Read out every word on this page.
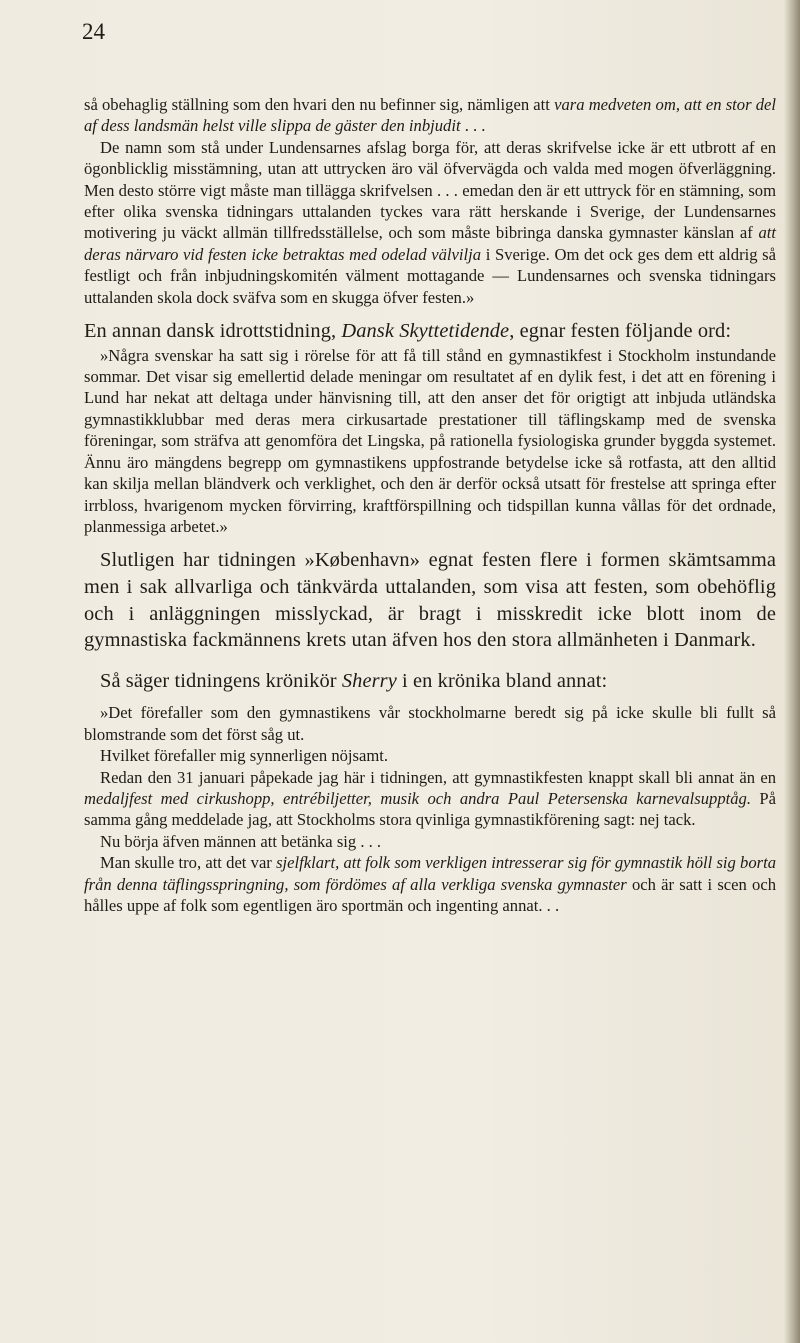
24

så obehaglig ställning som den hvari den nu befinner sig, nämligen att vara medveten om, att en stor del af dess landsmän helst ville slippa de gäster den inbjudit . . .

De namn som stå under Lundensarnes afslag borga för, att deras skrifvelse icke är ett utbrott af en ögonblicklig misstämning, utan att uttrycken äro väl öfvervägda och valda med mogen öfverläggning. Men desto större vigt måste man tillägga skrifvelsen . . . emedan den är ett uttryck för en stämning, som efter olika svenska tidningars uttalanden tyckes vara rätt herskande i Sverige, der Lundensarnes motivering ju väckt allmän tillfredsställelse, och som måste bibringa danska gymnaster känslan af att deras närvaro vid festen icke betraktas med odelad välvilja i Sverige. Om det ock ges dem ett aldrig så festligt och från inbjudningskomitén välment mottagande — Lundensarnes och svenska tidningars uttalanden skola dock sväfva som en skugga öfver festen.»

En annan dansk idrottstidning, Dansk Skyttetidende, egnar festen följande ord:

»Några svenskar ha satt sig i rörelse för att få till stånd en gymnastikfest i Stockholm instundande sommar. Det visar sig emellertid delade meningar om resultatet af en dylik fest, i det att en förening i Lund har nekat att deltaga under hänvisning till, att den anser det för origtigt att inbjuda utländska gymnastikklubbar med deras mera cirkusartade prestationer till täflingskamp med de svenska föreningar, som sträfva att genomföra det Lingska, på rationella fysiologiska grunder byggda systemet. Ännu äro mängdens begrepp om gymnastikens uppfostrande betydelse icke så rotfasta, att den alltid kan skilja mellan bländverk och verklighet, och den är derför också utsatt för frestelse att springa efter irrbloss, hvarigenom mycken förvirring, kraftförspillning och tidspillan kunna vållas för det ordnade, planmessiga arbetet.»

Slutligen har tidningen »København» egnat festen flere i formen skämtsamma men i sak allvarliga och tänkvärda uttalanden, som visa att festen, som obehöflig och i anläggningen misslyckad, är bragt i misskredit icke blott inom de gymnastiska fackmännens krets utan äfven hos den stora allmänheten i Danmark.

Så säger tidningens krönikör Sherry i en krönika bland annat:

»Det förefaller som den gymnastikens vår stockholmarne beredt sig på icke skulle bli fullt så blomstrande som det först såg ut.

Hvilket förefaller mig synnerligen nöjsamt.

Redan den 31 januari påpekade jag här i tidningen, att gymnastikfesten knappt skall bli annat än en medaljfest med cirkushopp, entrébiljetter, musik och andra Paul Petersenska karnevalsupptåg. På samma gång meddelade jag, att Stockholms stora qvinliga gymnastikförening sagt: nej tack.

Nu börja äfven männen att betänka sig . . .

Man skulle tro, att det var sjelfklart, att folk som verkligen intresserar sig för gymnastik höll sig borta från denna täflingsspringning, som fördömes af alla verkliga svenska gymnaster och är satt i scen och hålles uppe af folk som egentligen äro sportmän och ingenting annat. . .
